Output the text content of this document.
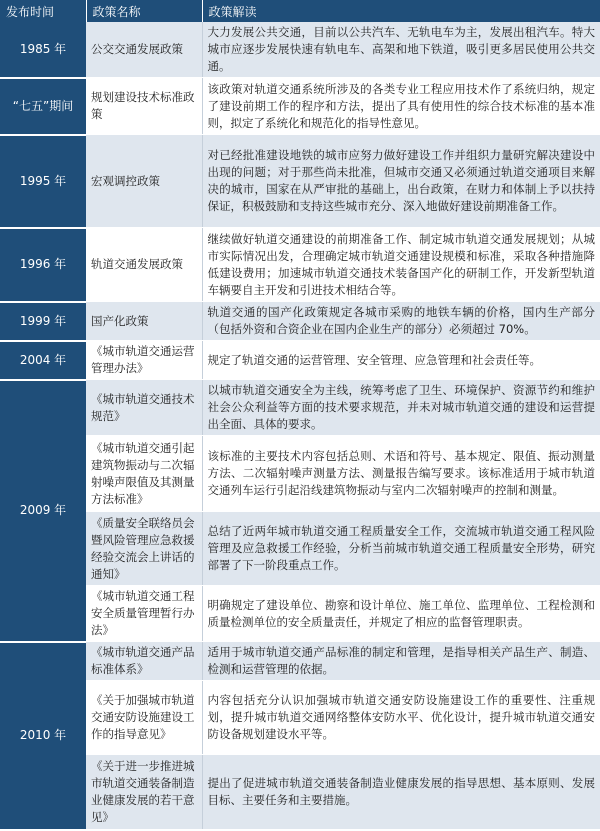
发布时间	政策名称	政策解读
1985 年	公交交通发展政策	大力发展公共交通，目前以公共汽车、无轨电车为主，发展出租汽车。特大城市应逐步发展快速有轨电车、高架和地下铁道，吸引更多居民使用公共交通。
“七五”期间	规划建设技术标准政策	该政策对轨道交通系统所涉及的各类专业工程应用技术作了系统归纳，规定了建设前期工作的程序和方法，提出了具有使用性的综合技术标准的基本准则，拟定了系统化和规范化的指导性意见。
1995 年	宏观调控政策	对已经批准建设地铁的城市应努力做好建设工作并组织力量研究解决建设中出现的问题；对于那些尚未批准，但城市交通又必须通过轨道交通项目来解决的城市，国家在从严审批的基础上，出台政策，在财力和体制上予以扶持保证，积极鼓励和支持这些城市充分、深入地做好建设前期准备工作。
1996 年	轨道交通发展政策	继续做好轨道交通建设的前期准备工作、制定城市轨道交通发展规划；从城市实际情况出发，合理确定城市轨道交通建设规模和标准，采取各种措施降低建设费用；加速城市轨道交通技术装备国产化的研制工作，开发新型轨道车辆要自主开发和引进技术相结合等。
1999 年	国产化政策	轨道交通的国产化政策规定各城市采购的地铁车辆的价格，国内生产部分（包括外资和合资企业在国内企业生产的部分）必须超过 70%。
2004 年	《城市轨道交通运营管理办法》	规定了轨道交通的运营管理、安全管理、应急管理和社会责任等。
2009 年	《城市轨道交通技术规范》	以城市轨道交通安全为主线，统筹考虑了卫生、环境保护、资源节约和维护社会公众利益等方面的技术要求规范，并未对城市轨道交通的建设和运营提出全面、具体的要求。
	《城市轨道交通引起建筑物振动与二次辐射噪声限值及其测量方法标准》	该标准的主要技术内容包括总则、术语和符号、基本规定、限值、振动测量方法、二次辐射噪声测量方法、测量报告编写要求。该标准适用于城市轨道交通列车运行引起沿线建筑物振动与室内二次辐射噪声的控制和测量。
	《质量安全联络员会暨风险管理应急救援经验交流会上讲话的通知》	总结了近两年城市轨道交通工程质量安全工作，交流城市轨道交通工程风险管理及应急救援工作经验，分析当前城市轨道交通工程质量安全形势，研究部署了下一阶段重点工作。
	《城市轨道交通工程安全质量管理暂行办法》	明确规定了建设单位、勘察和设计单位、施工单位、监理单位、工程检测和质量检测单位的安全质量责任，并规定了相应的监督管理职责。
2010 年	《城市轨道交通产品标准体系》	适用于城市轨道交通产品标准的制定和管理，是指导相关产品生产、制造、检测和运营管理的依据。
	《关于加强城市轨道交通安防设施建设工作的指导意见》	内容包括充分认识加强城市轨道交通安防设施建设工作的重要性、注重规划，提升城市轨道交通网络整体安防水平、优化设计，提升城市轨道交通安防设备规划建设水平等。
	《关于进一步推进城市轨道交通装备制造业健康发展的若干意见》	提出了促进城市轨道交通装备制造业健康发展的指导思想、基本原则、发展目标、主要任务和主要措施。
